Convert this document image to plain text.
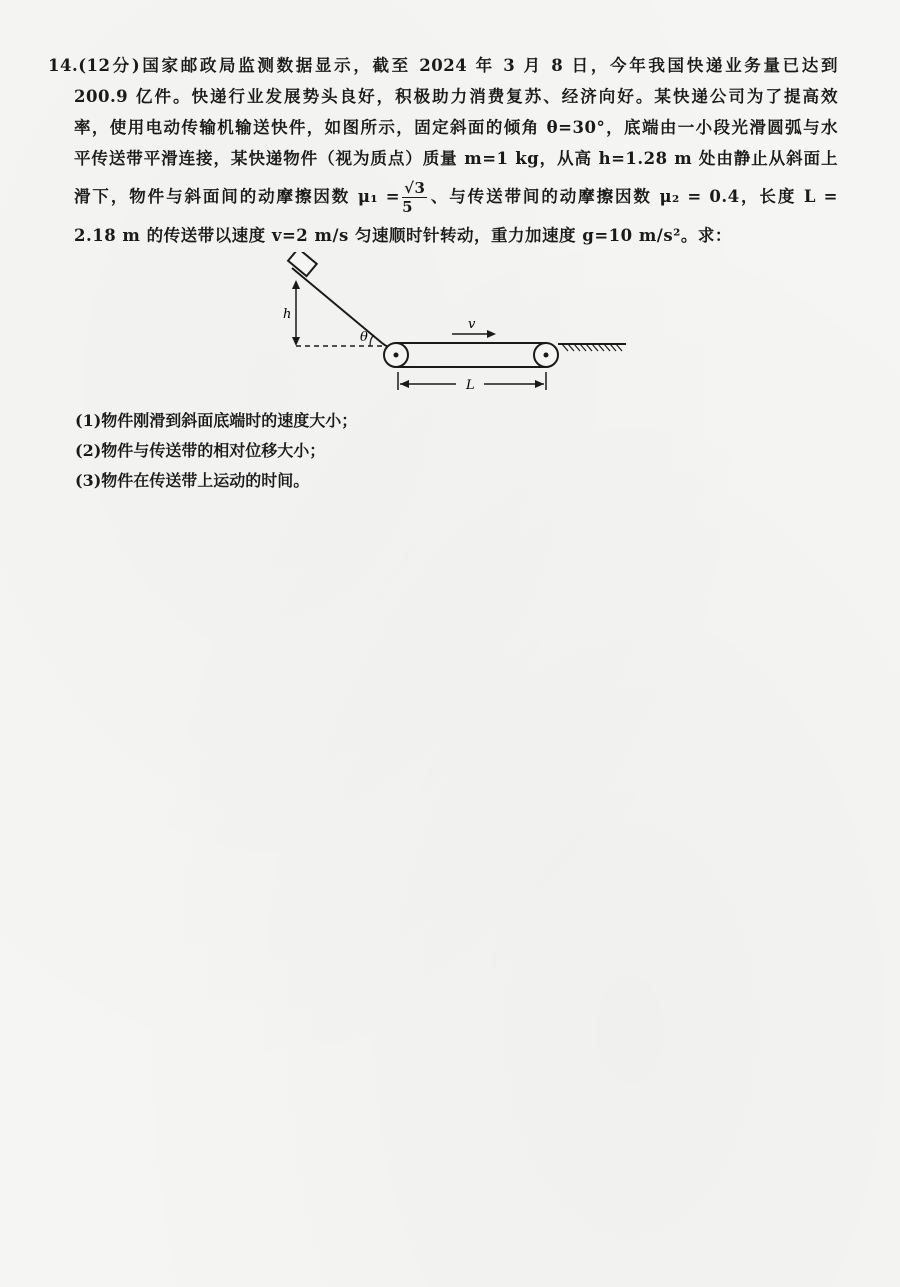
14.(12分)国家邮政局监测数据显示，截至 2024 年 3 月 8 日，今年我国快递业务量已达到
200.9 亿件。快递行业发展势头良好，积极助力消费复苏、经济向好。某快递公司为了提高效
率，使用电动传输机输送快件，如图所示，固定斜面的倾角 θ=30°，底端由一小段光滑圆弧与水
平传送带平滑连接，某快递物件（视为质点）质量 m=1 kg，从高 h=1.28 m 处由静止从斜面上
滑下，物件与斜面间的动摩擦因数 $\mu_1 = \frac{√3}{5}$ 、与传送带间的动摩擦因数 μ₂ = 0.4，长度 L =
2.18 m 的传送带以速度 v=2 m/s 匀速顺时针转动，重力加速度 g=10 m/s²。求：
h
θ
v
L
(1)物件刚滑到斜面底端时的速度大小；
(2)物件与传送带的相对位移大小；
(3)物件在传送带上运动的时间。
